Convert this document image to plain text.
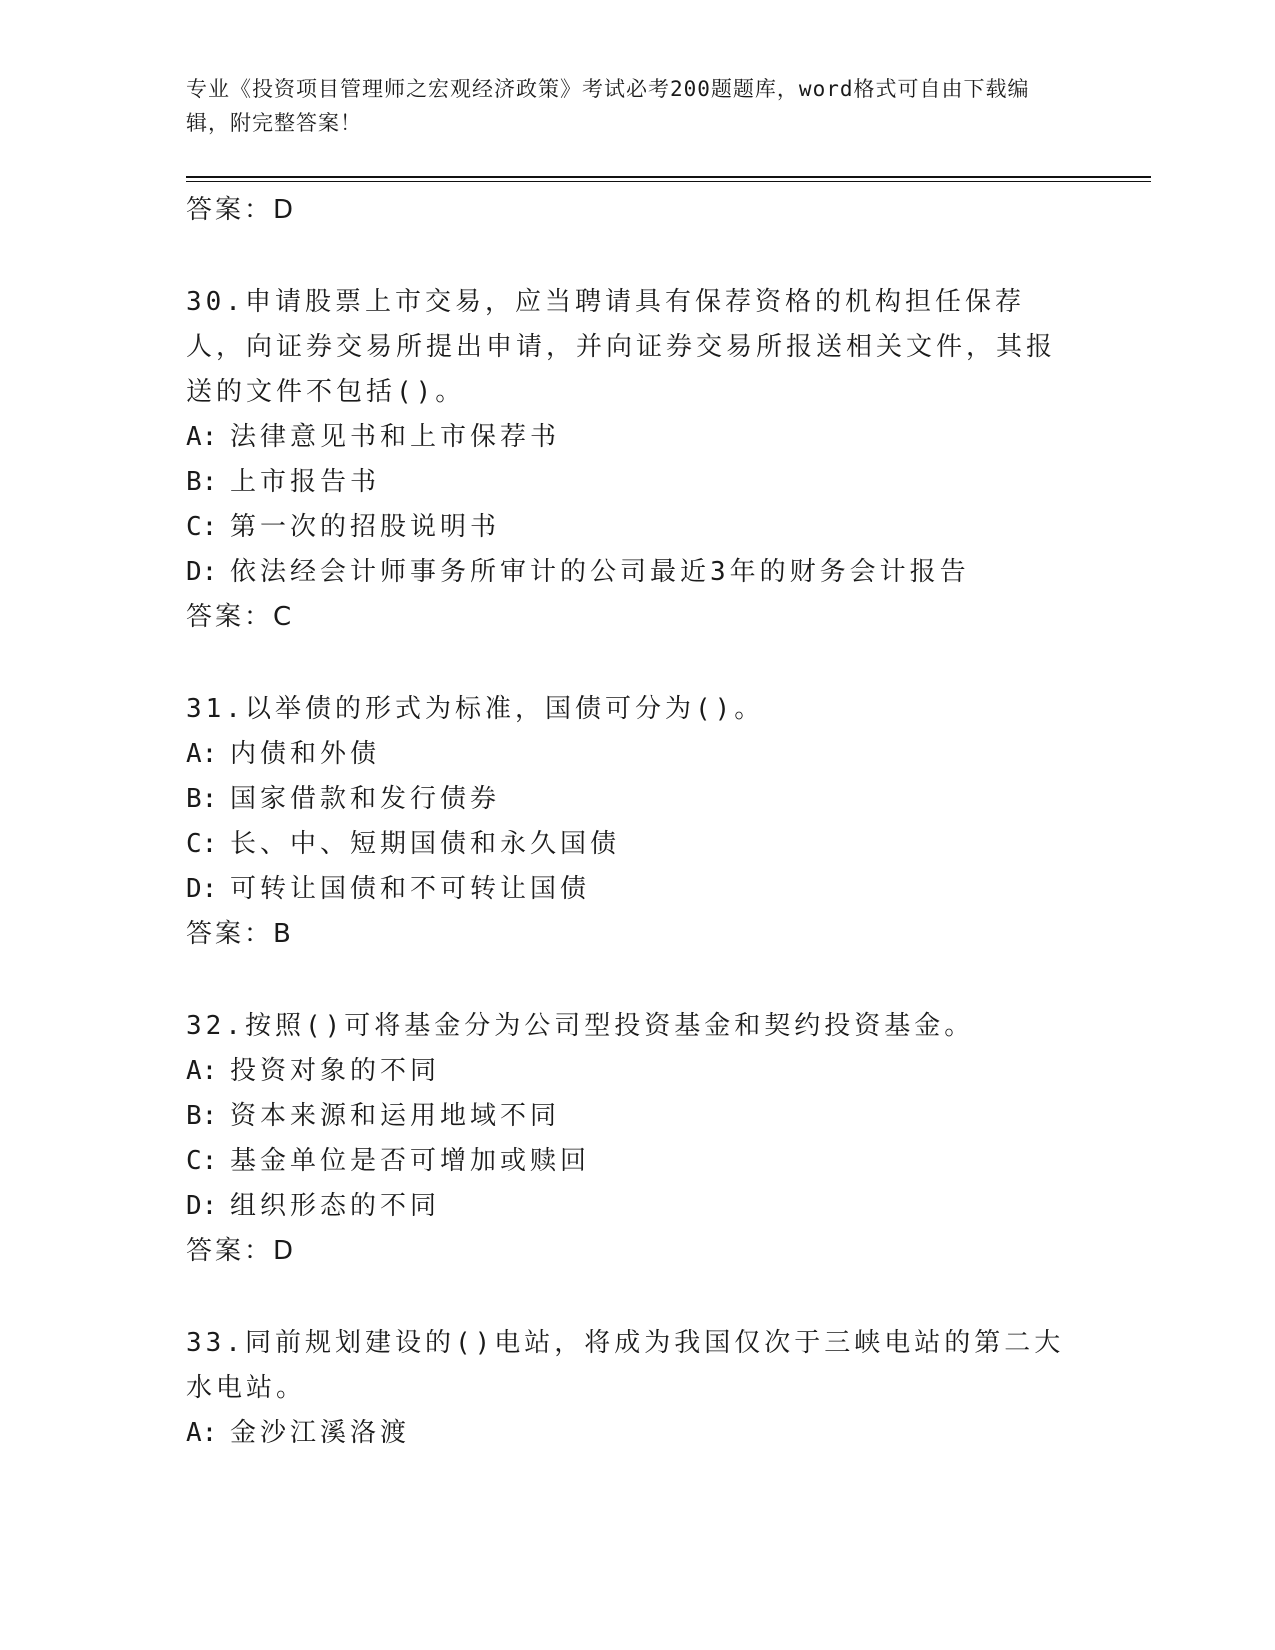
专业《投资项目管理师之宏观经济政策》考试必考200题题库，word格式可自由下载编辑，附完整答案！

答案：D

30.申请股票上市交易，应当聘请具有保荐资格的机构担任保荐人，向证券交易所提出申请，并向证券交易所报送相关文件，其报送的文件不包括()。

A: 法律意见书和上市保荐书

B: 上市报告书

C: 第一次的招股说明书

D: 依法经会计师事务所审计的公司最近3年的财务会计报告

答案：C

31.以举债的形式为标准，国债可分为()。

A: 内债和外债

B: 国家借款和发行债券

C: 长、中、短期国债和永久国债

D: 可转让国债和不可转让国债

答案：B

32.按照()可将基金分为公司型投资基金和契约投资基金。

A: 投资对象的不同

B: 资本来源和运用地域不同

C: 基金单位是否可增加或赎回

D: 组织形态的不同

答案：D

33.同前规划建设的()电站，将成为我国仅次于三峡电站的第二大水电站。

A: 金沙江溪洛渡
